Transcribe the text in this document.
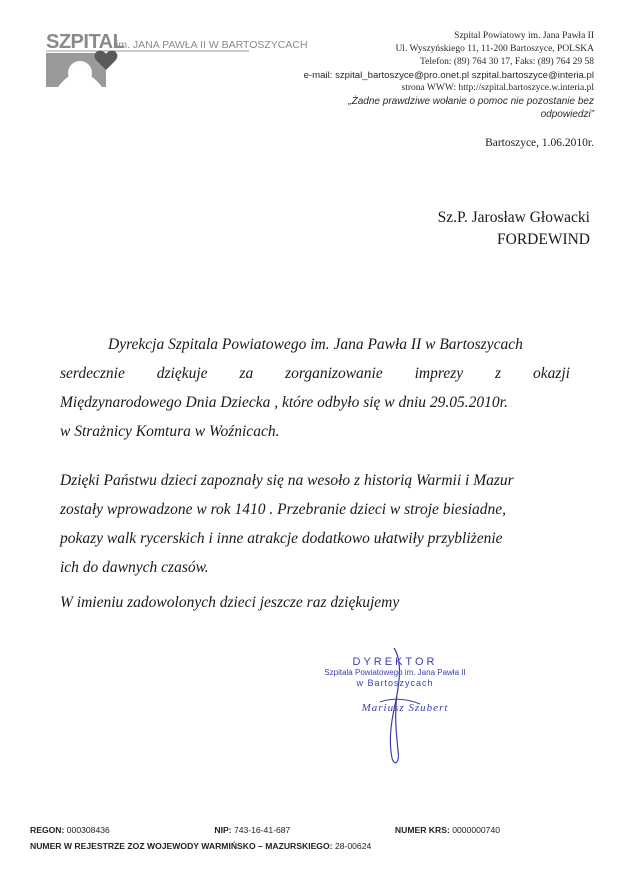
SZPITAL
im. JANA PAWŁA II W BARTOSZYCACH
Szpital Powiatowy im. Jana Pawła II
Ul. Wyszyńskiego 11, 11-200 Bartoszyce, POLSKA
Telefon: (89) 764 30 17, Faks: (89) 764 29 58
e-mail: szpital_bartoszyce@pro.onet.pl szpital.bartoszyce@interia.pl
strona WWW: http://szpital.bartoszyce.w.interia.pl
„Żadne prawdziwe wołanie o pomoc nie pozostanie bez
odpowiedzi”
Bartoszyce, 1.06.2010r.
Sz.P. Jarosław Głowacki
FORDEWIND
Dyrekcja Szpitala Powiatowego im. Jana Pawła II w Bartoszycach
serdecznie dziękuje za zorganizowanie imprezy z okazji
Międzynarodowego Dnia Dziecka , które odbyło się w dniu 29.05.2010r.
w Strażnicy Komtura w Woźnicach.
Dzięki Państwu dzieci zapoznały się na wesoło z historią Warmii i Mazur
zostały wprowadzone w rok 1410 . Przebranie dzieci w stroje biesiadne,
pokazy walk rycerskich i inne atrakcje dodatkowo ułatwiły przybliżenie
ich do dawnych czasów.
W imieniu zadowolonych dzieci jeszcze raz dziękujemy
DYREKTOR
Szpitala Powiatowego im. Jana Pawła II
w Bartoszycach
Mariusz Szubert
REGON: 000308436	NIP: 743-16-41-687	NUMER KRS: 0000000740
NUMER W REJESTRZE ZOZ WOJEWODY WARMIŃSKO – MAZURSKIEGO: 28-00624
